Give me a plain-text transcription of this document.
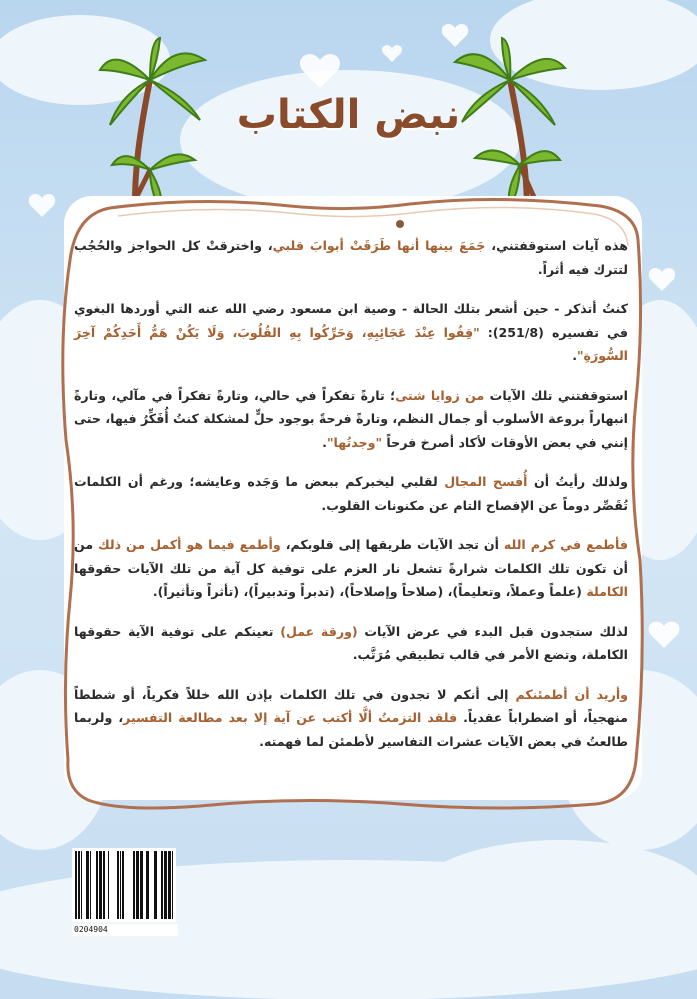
نبض الكتاب

هذه آيات استوقفتني، جَمَعَ بينها أنها طَرَقَتْ أبوابَ قلبي، واخترقتْ كل الحواجز والحُجُب لتترك فيه أثراً.

كنتُ أتذكر - حين أشعر بتلك الحالة - وصية ابن مسعود رضي الله عنه التي أوردها البغوي في تفسيره (251/8): "قِفُوا عِنْدَ عَجَائِبِهِ، وَحَرِّكُوا بِهِ القُلُوبَ، وَلَا يَكُنْ هَمُّ أَحَدِكُمْ آخِرَ السُّورَةِ".

استوقفتني تلك الآيات من زوايا شتى؛ تارةً تفكراً في حالي، وتارةً تفكراً في مآلي، وتارةً انبهاراً بروعة الأسلوب أو جمال النظم، وتارةً فرحةً بوجود حلٍّ لمشكلة كنتُ أُفَكِّرُ فيها، حتى إنني في بعض الأوقات لأكاد أصرخ فرحاً "وجدتُها".

ولذلك رأيتُ أن أُفسح المجال لقلبي ليخبركم ببعض ما وَجَده وعايشه؛ ورغم أن الكلمات تُقَصِّر دوماً عن الإفصاح التام عن مكنونات القلوب.

فأطمع في كرم الله أن تجد الآيات طريقها إلى قلوبكم، وأطمع فيما هو أكمل من ذلك من أن تكون تلك الكلمات شرارةً تشعل نار العزم على توفية كل آية من تلك الآيات حقوقها الكاملة (علماً وعملاً، وتعليماً)، (صلاحاً وإصلاحاً)، (تدبراً وتدبيراً)، (تأثراً وتأثيراً).

لذلك ستجدون قبل البدء في عرض الآيات (ورقة عمل) تعينكم على توفية الآية حقوقها الكاملة، وتضع الأمر في قالب تطبيقي مُرَتَّب.

وأريد أن أطمئنكم إلى أنكم لا تجدون في تلك الكلمات بإذن الله خللاً فكرياً، أو شططاً منهجياً، أو اضطراباً عقدياً. فلقد التزمتُ ألَّا أكتب عن آية إلا بعد مطالعة التفسير، ولربما طالعتُ في بعض الآيات عشرات التفاسير لأطمئن لما فهمته.

0204904
